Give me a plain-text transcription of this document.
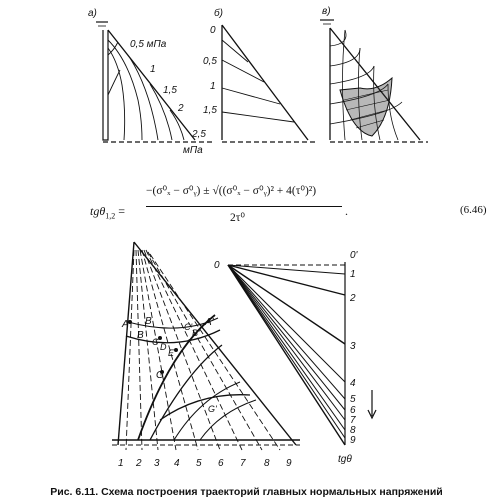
а)
0,5 мПа
1
1,5
2
2,5
мПа
б)
0
0,5
1
1,5
в)
A B
B
C D
E
G
C'
B'
A'
G'
1 2 3 4 5 6 7 8 9
0
0'
1
2
3
4
5
6
7
8
9
tgθ
tgθ$_{1,2}$ =
−(σ⁰ₓ − σ⁰ᵧ) ± √((σ⁰ₓ − σ⁰ᵧ)² + 4(τ⁰)²)
2τ⁰	.	(6.46)
Рис. 6.11. Схема построения траекторий главных нормальных напряжений
